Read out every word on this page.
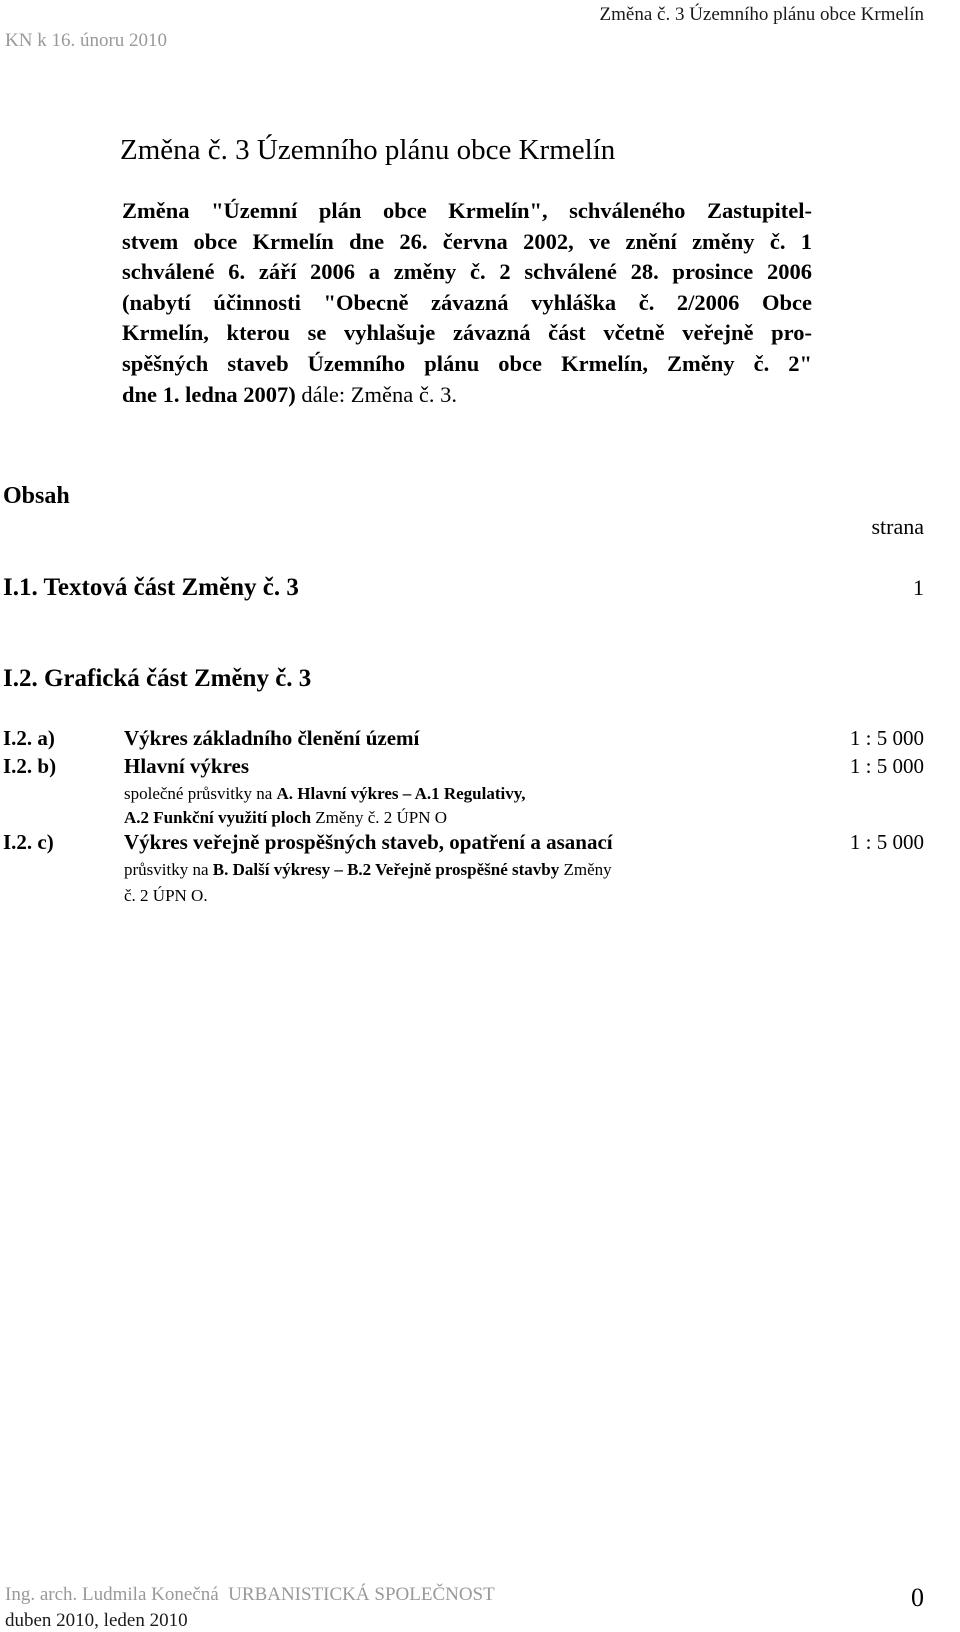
KN k 16. únoru 2010
Změna č. 3 Územního plánu obce Krmelín
Změna č. 3 Územního plánu obce Krmelín

Změna "Územní plán obce Krmelín", schváleného Zastupitel-
stvem obce Krmelín dne 26. června 2002, ve znění změny č. 1
schválené 6. září 2006 a změny č. 2 schválené 28. prosince 2006
(nabytí účinnosti "Obecně závazná vyhláška č. 2/2006 Obce
Krmelín, kterou se vyhlašuje závazná část včetně veřejně pro-
spěšných staveb Územního plánu obce Krmelín, Změny č. 2"
dne 1. ledna 2007) dále: Změna č. 3.

Obsah
strana
I.1. Textová část Změny č. 3	1
I.2. Grafická část Změny č. 3
I.2. a)	Výkres základního členění území	1 : 5 000
I.2. b)	Hlavní výkres	1 : 5 000
společné průsvitky na A. Hlavní výkres – A.1 Regulativy,
A.2 Funkční využití ploch Změny č. 2 ÚPN O
I.2. c)	Výkres veřejně prospěšných staveb, opatření a asanací	1 : 5 000
průsvitky na B. Další výkresy – B.2 Veřejně prospěšné stavby Změny
č. 2 ÚPN O.
Ing. arch. Ludmila Konečná URBANISTICKÁ SPOLEČNOST
duben 2010, leden 2010
0
